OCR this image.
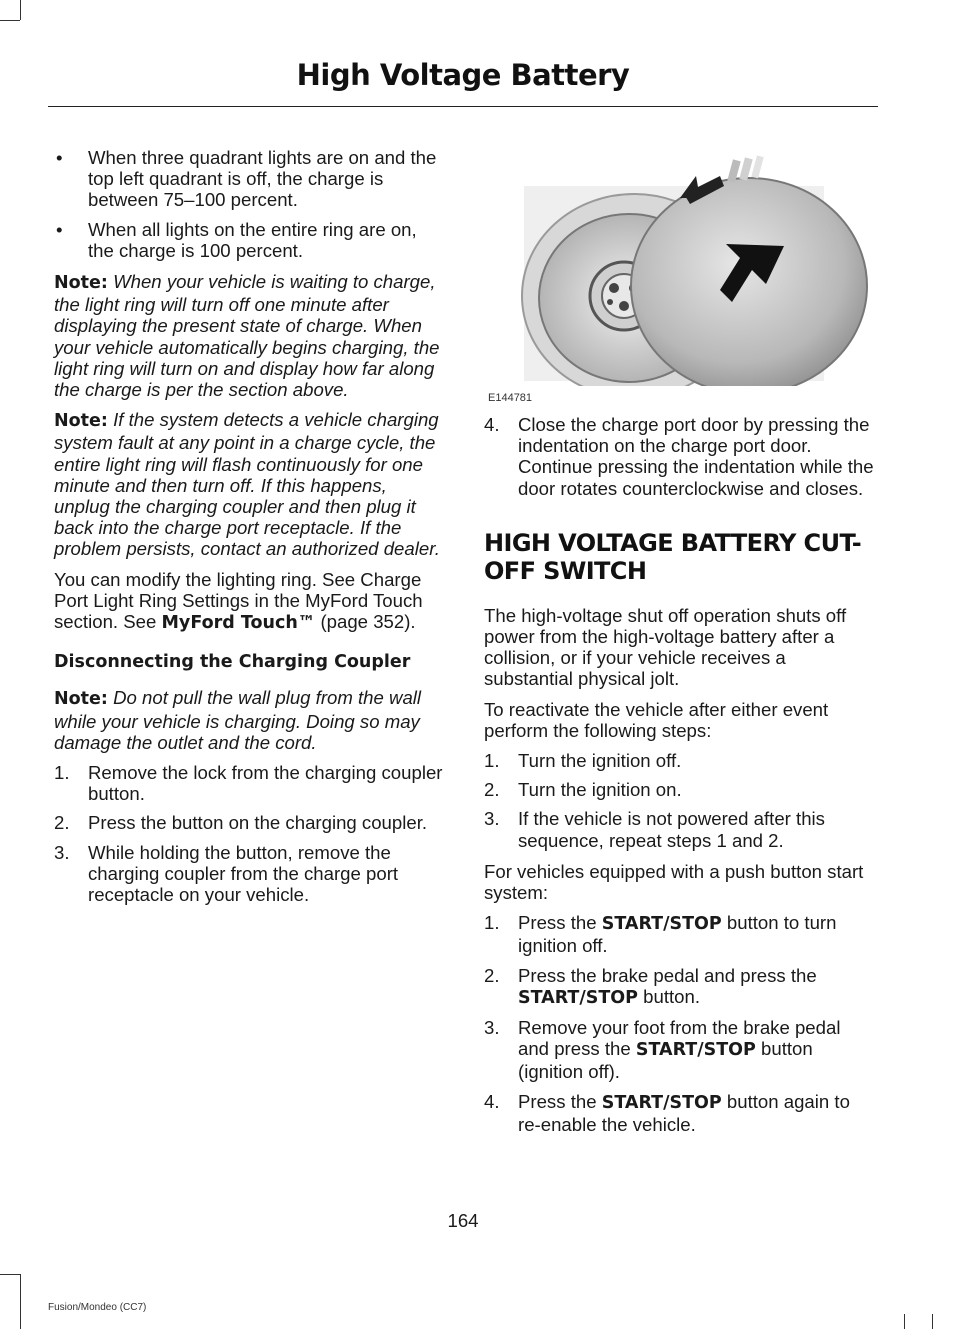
High Voltage Battery
• When three quadrant lights are on and the top left quadrant is off, the charge is between 75–100 percent.
• When all lights on the entire ring are on, the charge is 100 percent.

Note: When your vehicle is waiting to charge, the light ring will turn off one minute after displaying the present state of charge. When your vehicle automatically begins charging, the light ring will turn on and display how far along the charge is per the section above.

Note: If the system detects a vehicle charging system fault at any point in a charge cycle, the entire light ring will flash continuously for one minute and then turn off. If this happens, unplug the charging coupler and then plug it back into the charge port receptacle. If the problem persists, contact an authorized dealer.

You can modify the lighting ring. See Charge Port Light Ring Settings in the MyFord Touch section. See MyFord Touch™ (page 352).

Disconnecting the Charging Coupler

Note: Do not pull the wall plug from the wall while your vehicle is charging. Doing so may damage the outlet and the cord.

1. Remove the lock from the charging coupler button.
2. Press the button on the charging coupler.
3. While holding the button, remove the charging coupler from the charge port receptacle on your vehicle.
E144781
4. Close the charge port door by pressing the indentation on the charge port door. Continue pressing the indentation while the door rotates counterclockwise and closes.
HIGH VOLTAGE BATTERY CUT-OFF SWITCH

The high-voltage shut off operation shuts off power from the high-voltage battery after a collision, or if your vehicle receives a substantial physical jolt.

To reactivate the vehicle after either event perform the following steps:

1. Turn the ignition off.
2. Turn the ignition on.
3. If the vehicle is not powered after this sequence, repeat steps 1 and 2.

For vehicles equipped with a push button start system:

1. Press the START/STOP button to turn ignition off.
2. Press the brake pedal and press the START/STOP button.
3. Remove your foot from the brake pedal and press the START/STOP button (ignition off).
4. Press the START/STOP button again to re-enable the vehicle.
164
Fusion/Mondeo (CC7)
